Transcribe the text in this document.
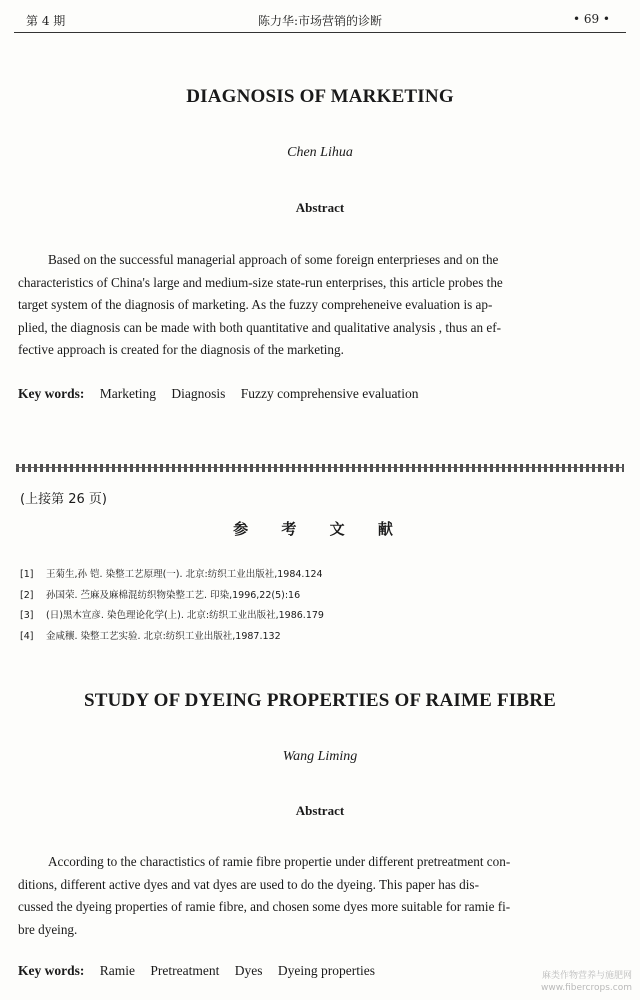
第 4 期	陈力华:市场营销的诊断	• 69 •
DIAGNOSIS OF MARKETING
Chen Lihua
Abstract
Based on the successful managerial approach of some foreign enterprieses and on the
characteristics of China's large and medium-size state-run enterprises, this article probes the
target system of the diagnosis of marketing. As the fuzzy compreheneive evaluation is ap-
plied, the diagnosis can be made with both quantitative and qualitative analysis , thus an ef-
fective approach is created for the diagnosis of the marketing.
Key words: Marketing Diagnosis Fuzzy comprehensive evaluation
(上接第 26 页)
参 考 文 献
[1] 王菊生,孙 铠. 染整工艺原理(一). 北京:纺织工业出版社,1984.124
[2] 孙国荣. 苎麻及麻棉混纺织物染整工艺. 印染,1996,22(5):16
[3] (日)黑木宣彦. 染色理论化学(上). 北京:纺织工业出版社,1986.179
[4] 金咸穰. 染整工艺实验. 北京:纺织工业出版社,1987.132
STUDY OF DYEING PROPERTIES OF RAIME FIBRE
Wang Liming
Abstract
According to the charactistics of ramie fibre propertie under different pretreatment con-
ditions, different active dyes and vat dyes are used to do the dyeing. This paper has dis-
cussed the dyeing properties of ramie fibre, and chosen some dyes more suitable for ramie fi-
bre dyeing.
Key words: Ramie Pretreatment Dyes Dyeing properties	麻类作物营养与施肥网
www.fibercrops.com
